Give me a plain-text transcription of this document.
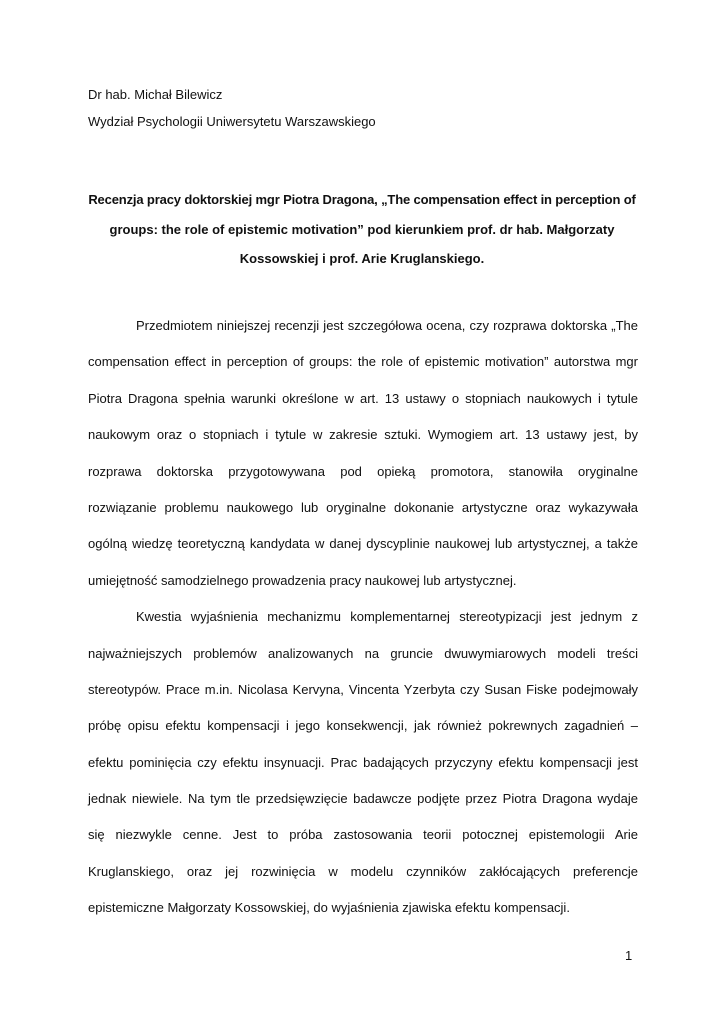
Dr hab. Michał Bilewicz
Wydział Psychologii Uniwersytetu Warszawskiego
Recenzja pracy doktorskiej mgr Piotra Dragona, „The compensation effect in perception of
groups: the role of epistemic motivation” pod kierunkiem prof. dr hab. Małgorzaty
Kossowskiej i prof. Arie Kruglanskiego.
Przedmiotem niniejszej recenzji jest szczegółowa ocena, czy rozprawa doktorska „The
compensation effect in perception of groups: the role of epistemic motivation” autorstwa mgr
Piotra Dragona spełnia warunki określone w art. 13 ustawy o stopniach naukowych i tytule
naukowym oraz o stopniach i tytule w zakresie sztuki. Wymogiem art. 13 ustawy jest, by
rozprawa doktorska przygotowywana pod opieką promotora, stanowiła oryginalne
rozwiązanie problemu naukowego lub oryginalne dokonanie artystyczne oraz wykazywała
ogólną wiedzę teoretyczną kandydata w danej dyscyplinie naukowej lub artystycznej, a także
umiejętność samodzielnego prowadzenia pracy naukowej lub artystycznej.
Kwestia wyjaśnienia mechanizmu komplementarnej stereotypizacji jest jednym z
najważniejszych problemów analizowanych na gruncie dwuwymiarowych modeli treści
stereotypów. Prace m.in. Nicolasa Kervyna, Vincenta Yzerbyta czy Susan Fiske podejmowały
próbę opisu efektu kompensacji i jego konsekwencji, jak również pokrewnych zagadnień –
efektu pominięcia czy efektu insynuacji. Prac badających przyczyny efektu kompensacji jest
jednak niewiele. Na tym tle przedsięwzięcie badawcze podjęte przez Piotra Dragona wydaje
się niezwykle cenne. Jest to próba zastosowania teorii potocznej epistemologii Arie
Kruglanskiego, oraz jej rozwinięcia w modelu czynników zakłócających preferencje
epistemiczne Małgorzaty Kossowskiej, do wyjaśnienia zjawiska efektu kompensacji.
1
